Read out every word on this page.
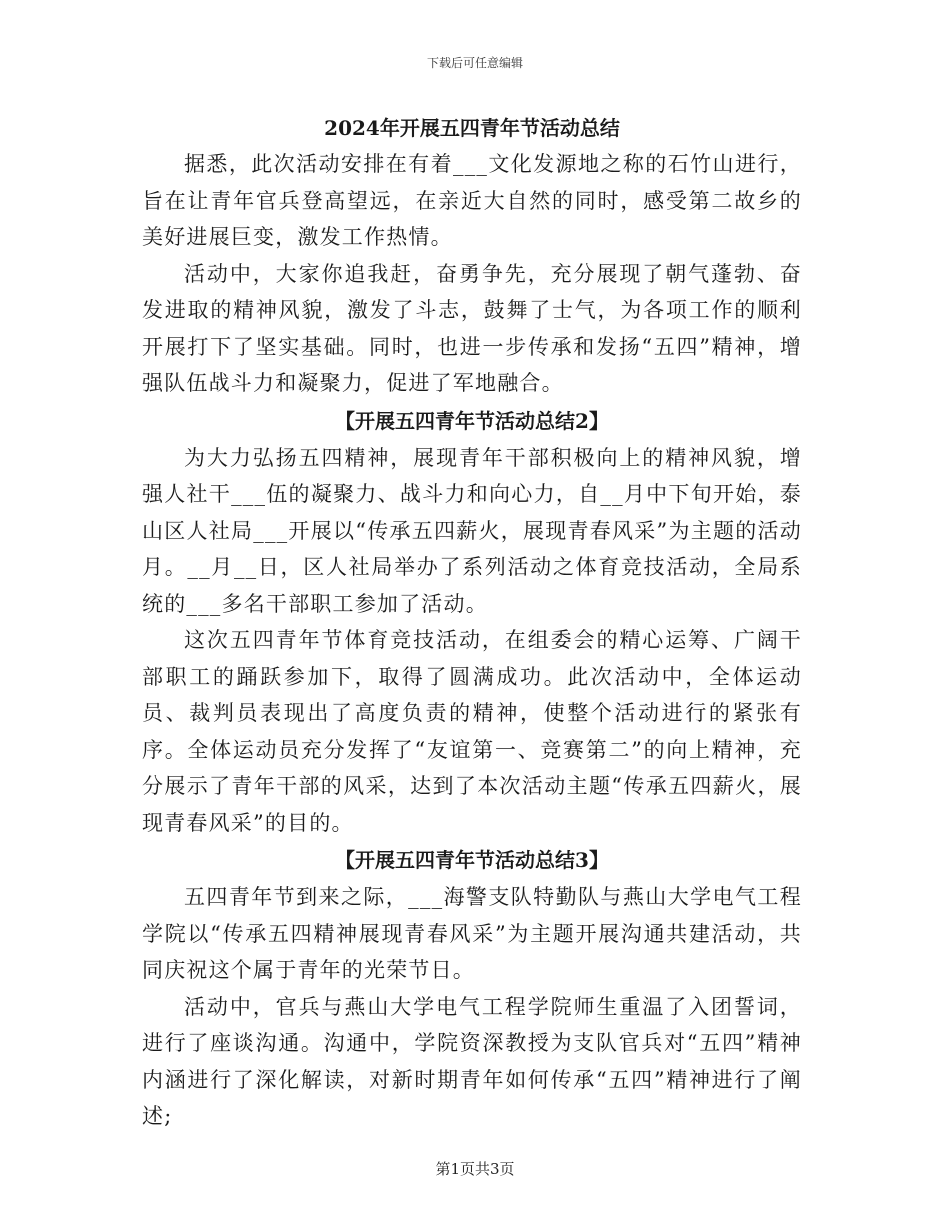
下载后可任意编辑
2024年开展五四青年节活动总结

据悉，此次活动安排在有着___文化发源地之称的石竹山进行，旨在让青年官兵登高望远，在亲近大自然的同时，感受第二故乡的美好进展巨变，激发工作热情。

活动中，大家你追我赶，奋勇争先，充分展现了朝气蓬勃、奋发进取的精神风貌，激发了斗志，鼓舞了士气，为各项工作的顺利开展打下了坚实基础。同时，也进一步传承和发扬“五四”精神，增强队伍战斗力和凝聚力，促进了军地融合。

【开展五四青年节活动总结2】

为大力弘扬五四精神，展现青年干部积极向上的精神风貌，增强人社干___伍的凝聚力、战斗力和向心力，自__月中下旬开始，泰山区人社局___开展以“传承五四薪火，展现青春风采”为主题的活动月。__月__日，区人社局举办了系列活动之体育竞技活动，全局系统的___多名干部职工参加了活动。

这次五四青年节体育竞技活动，在组委会的精心运筹、广阔干部职工的踊跃参加下，取得了圆满成功。此次活动中，全体运动员、裁判员表现出了高度负责的精神，使整个活动进行的紧张有序。全体运动员充分发挥了“友谊第一、竞赛第二”的向上精神，充分展示了青年干部的风采，达到了本次活动主题“传承五四薪火，展现青春风采”的目的。

【开展五四青年节活动总结3】

五四青年节到来之际，___海警支队特勤队与燕山大学电气工程学院以“传承五四精神展现青春风采”为主题开展沟通共建活动，共同庆祝这个属于青年的光荣节日。

活动中，官兵与燕山大学电气工程学院师生重温了入团誓词，进行了座谈沟通。沟通中，学院资深教授为支队官兵对“五四”精神内涵进行了深化解读，对新时期青年如何传承“五四”精神进行了阐述;

第1页共3页
